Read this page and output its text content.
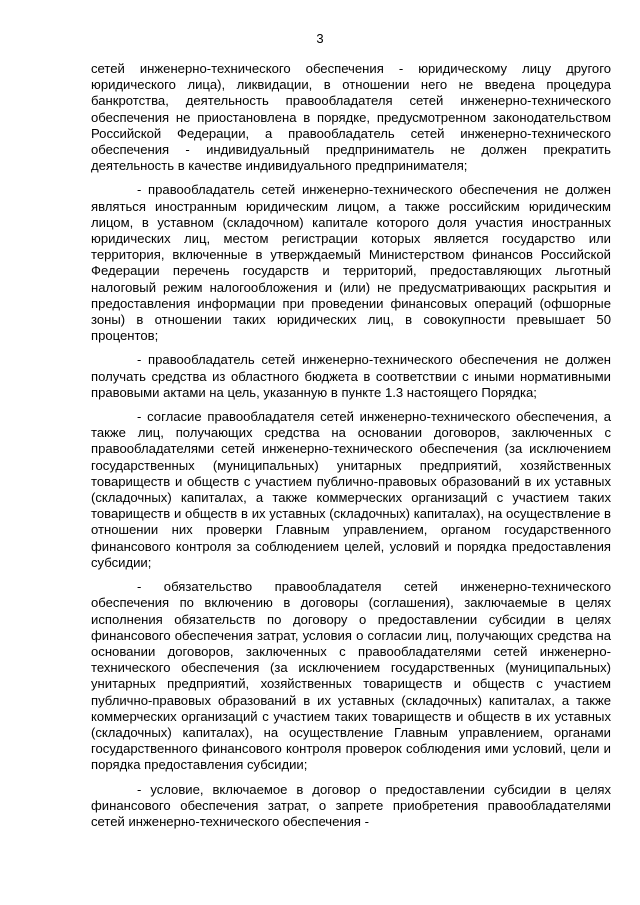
3

сетей инженерно-технического обеспечения - юридическому лицу другого юридического лица), ликвидации, в отношении него не введена процедура банкротства, деятельность правообладателя сетей инженерно-технического обеспечения не приостановлена в порядке, предусмотренном законодательством Российской Федерации, а правообладатель сетей инженерно-технического обеспечения - индивидуальный предприниматель не должен прекратить деятельность в качестве индивидуального предпринимателя;

- правообладатель сетей инженерно-технического обеспечения не должен являться иностранным юридическим лицом, а также российским юридическим лицом, в уставном (складочном) капитале которого доля участия иностранных юридических лиц, местом регистрации которых является государство или территория, включенные в утверждаемый Министерством финансов Российской Федерации перечень государств и территорий, предоставляющих льготный налоговый режим налогообложения и (или) не предусматривающих раскрытия и предоставления информации при проведении финансовых операций (офшорные зоны) в отношении таких юридических лиц, в совокупности превышает 50 процентов;

- правообладатель сетей инженерно-технического обеспечения не должен получать средства из областного бюджета в соответствии с иными нормативными правовыми актами на цель, указанную в пункте 1.3 настоящего Порядка;

- согласие правообладателя сетей инженерно-технического обеспечения, а также лиц, получающих средства на основании договоров, заключенных с правообладателями сетей инженерно-технического обеспечения (за исключением государственных (муниципальных) унитарных предприятий, хозяйственных товариществ и обществ с участием публично-правовых образований в их уставных (складочных) капиталах, а также коммерческих организаций с участием таких товариществ и обществ в их уставных (складочных) капиталах), на осуществление в отношении них проверки Главным управлением, органом государственного финансового контроля за соблюдением целей, условий и порядка предоставления субсидии;

- обязательство правообладателя сетей инженерно-технического обеспечения по включению в договоры (соглашения), заключаемые в целях исполнения обязательств по договору о предоставлении субсидии в целях финансового обеспечения затрат, условия о согласии лиц, получающих средства на основании договоров, заключенных с правообладателями сетей инженерно-технического обеспечения (за исключением государственных (муниципальных) унитарных предприятий, хозяйственных товариществ и обществ с участием публично-правовых образований в их уставных (складочных) капиталах, а также коммерческих организаций с участием таких товариществ и обществ в их уставных (складочных) капиталах), на осуществление Главным управлением, органами государственного финансового контроля проверок соблюдения ими условий, цели и порядка предоставления субсидии;

- условие, включаемое в договор о предоставлении субсидии в целях финансового обеспечения затрат, о запрете приобретения правообладателями сетей инженерно-технического обеспечения -
